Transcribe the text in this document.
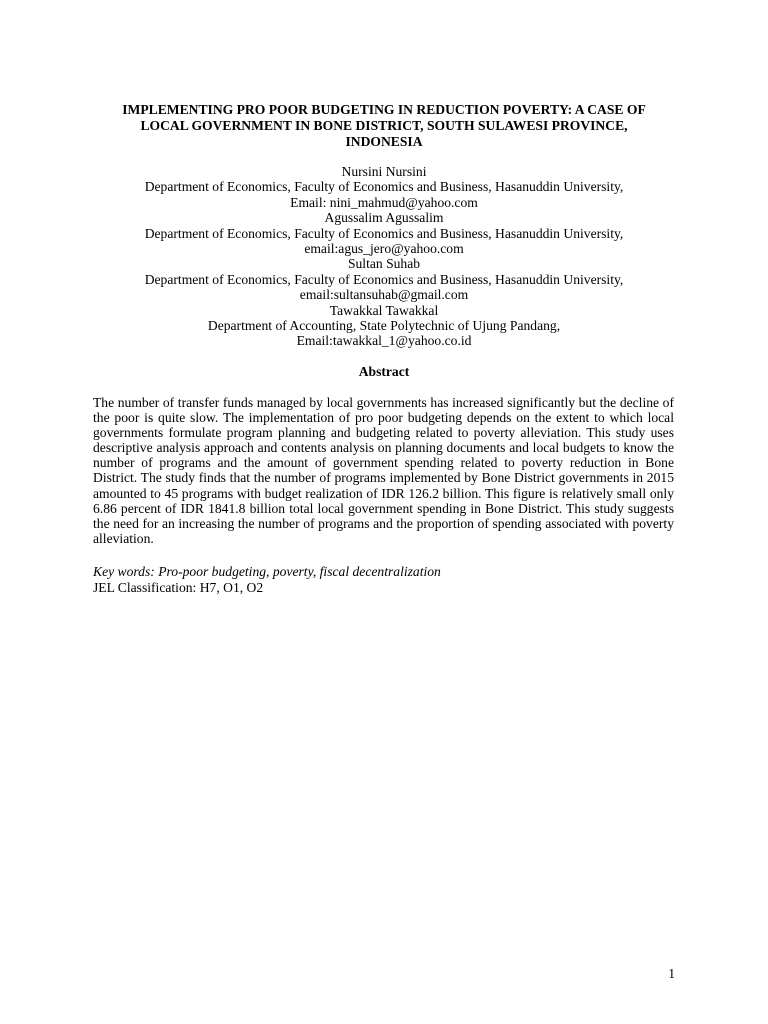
IMPLEMENTING PRO POOR BUDGETING IN REDUCTION POVERTY: A CASE OF
LOCAL GOVERNMENT IN BONE DISTRICT, SOUTH SULAWESI PROVINCE,
INDONESIA
Nursini Nursini
Department of Economics, Faculty of Economics and Business, Hasanuddin University,
Email: nini_mahmud@yahoo.com
Agussalim Agussalim
Department of Economics, Faculty of Economics and Business, Hasanuddin University,
email:agus_jero@yahoo.com
Sultan Suhab
Department of Economics, Faculty of Economics and Business, Hasanuddin University,
email:sultansuhab@gmail.com
Tawakkal Tawakkal
Department of Accounting, State Polytechnic of Ujung Pandang,
Email:tawakkal_1@yahoo.co.id
Abstract
The number of transfer funds managed by local governments has increased significantly but the decline of the poor is quite slow. The implementation of pro poor budgeting depends on the extent to which local governments formulate program planning and budgeting related to poverty alleviation. This study uses descriptive analysis approach and contents analysis on planning documents and local budgets to know the number of programs and the amount of government spending related to poverty reduction in Bone District. The study finds that the number of programs implemented by Bone District governments in 2015 amounted to 45 programs with budget realization of IDR 126.2 billion. This figure is relatively small only 6.86 percent of IDR 1841.8 billion total local government spending in Bone District. This study suggests the need for an increasing the number of programs and the proportion of spending associated with poverty alleviation.
Key words: Pro-poor budgeting, poverty, fiscal decentralization
JEL Classification: H7, O1, O2
1
